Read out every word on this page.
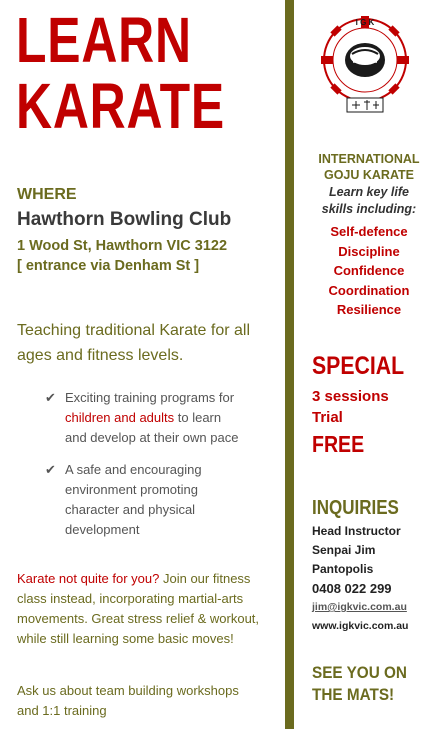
LEARN
KARATE
WHERE
Hawthorn Bowling Club
1 Wood St, Hawthorn VIC 3122
[ entrance via Denham St ]
Teaching traditional Karate for all ages and fitness levels.
✔ Exciting training programs for children and adults to learn and develop at their own pace
✔ A safe and encouraging environment promoting character and physical development
Karate not quite for you? Join our fitness class instead, incorporating martial-arts movements. Great stress relief & workout, while still learning some basic moves!
Ask us about team building workshops and 1:1 training
I G K
INTERNATIONAL
GOJU KARATE
Learn key life
skills including:
Self-defence
Discipline
Confidence
Coordination
Resilience
SPECIAL
3 sessions
Trial
FREE
INQUIRIES
Head Instructor
Senpai Jim
Pantopolis
0408 022 299
jim@igkvic.com.au
www.igkvic.com.au
SEE YOU ON
THE MATS!
